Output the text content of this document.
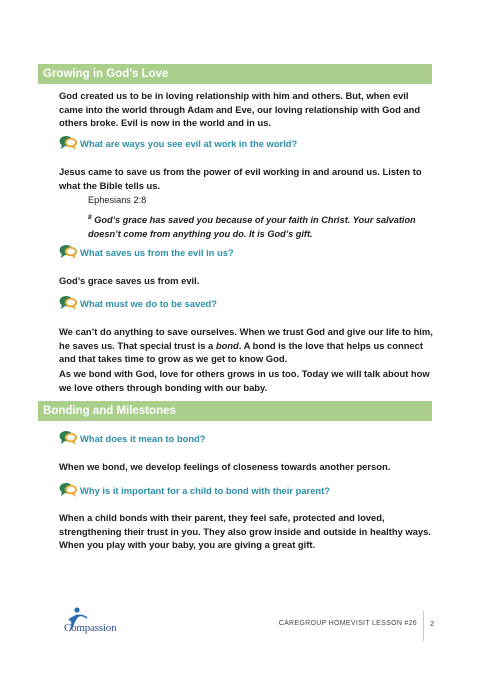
Growing in God’s Love

God created us to be in loving relationship with him and others. But, when evil came into the world through Adam and Eve, our loving relationship with God and others broke. Evil is now in the world and in us.

What are ways you see evil at work in the world?

Jesus came to save us from the power of evil working in and around us. Listen to what the Bible tells us.

Ephesians 2:8
$^8$ God’s grace has saved you because of your faith in Christ. Your salvation doesn’t come from anything you do. It is God’s gift.
What saves us from the evil in us?

God’s grace saves us from evil.

What must we do to be saved?

We can’t do anything to save ourselves. When we trust God and give our life to him, he saves us. That special trust is a bond. A bond is the love that helps us connect and that takes time to grow as we get to know God.

As we bond with God, love for others grows in us too. Today we will talk about how we love others through bonding with our baby.

Bonding and Milestones
What does it mean to bond?

When we bond, we develop feelings of closeness towards another person.

Why is it important for a child to bond with their parent?

When a child bonds with their parent, they feel safe, protected and loved, strengthening their trust in you. They also grow inside and outside in healthy ways. When you play with your baby, you are giving a great gift.

Compassion	CAREGROUP HOMEVISIT LESSON #26 2
